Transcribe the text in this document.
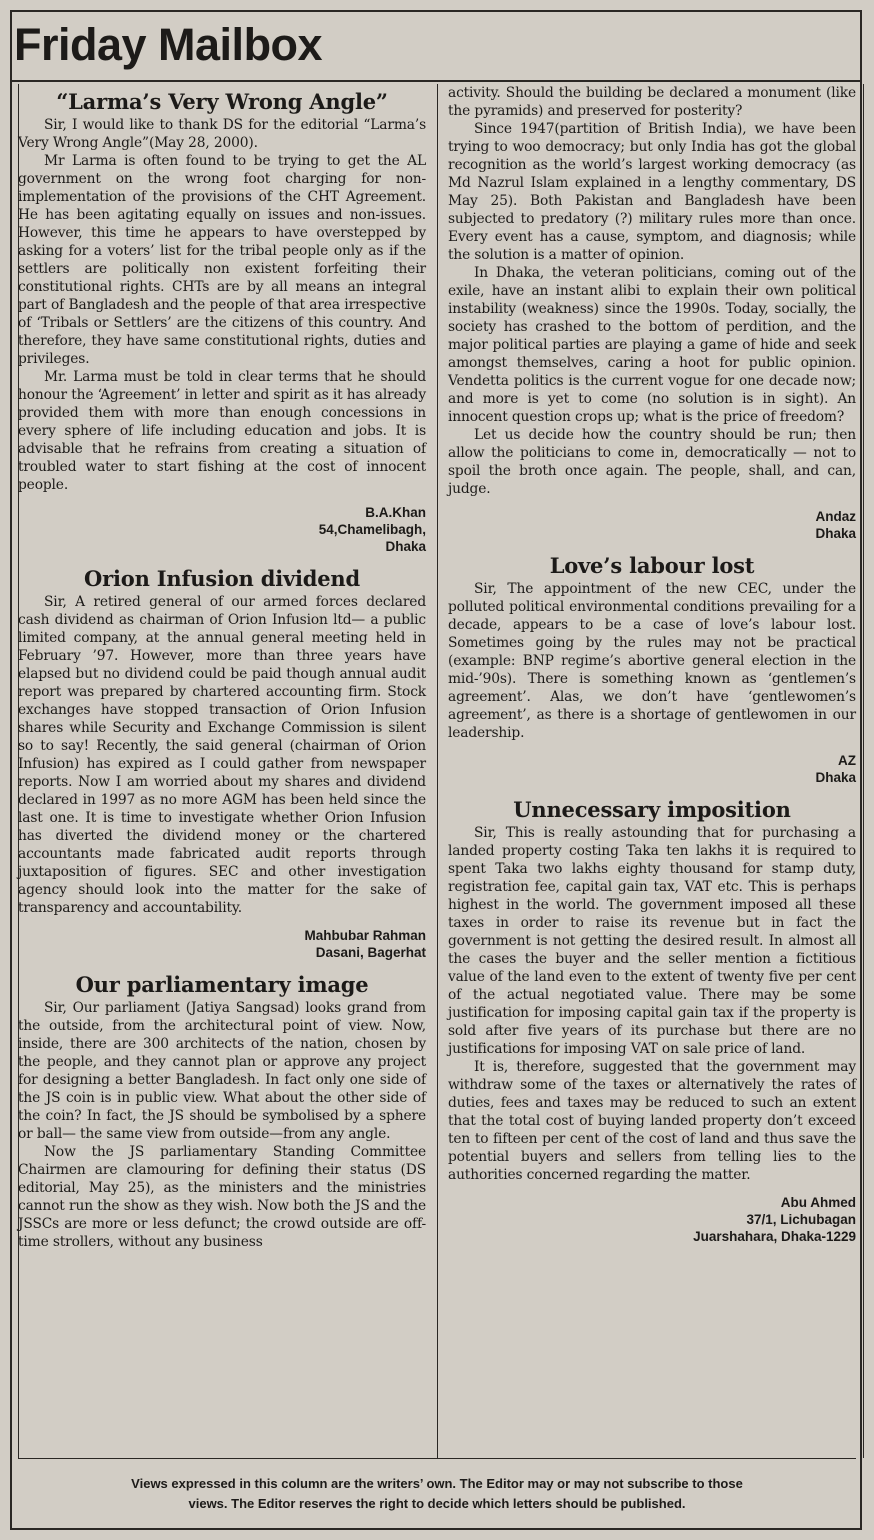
Friday Mailbox
“Larma’s Very Wrong Angle”

Sir, I would like to thank DS for the editorial “Larma’s Very Wrong Angle”(May 28, 2000).

Mr Larma is often found to be trying to get the AL government on the wrong foot charging for non-implementation of the provisions of the CHT Agreement. He has been agitating equally on issues and non-issues. However, this time he appears to have overstepped by asking for a voters’ list for the tribal people only as if the settlers are politically non existent forfeiting their constitutional rights. CHTs are by all means an integral part of Bangladesh and the people of that area irrespective of ‘Tribals or Settlers’ are the citizens of this country. And therefore, they have same constitutional rights, duties and privileges.

Mr. Larma must be told in clear terms that he should honour the ‘Agreement’ in letter and spirit as it has already provided them with more than enough concessions in every sphere of life including education and jobs. It is advisable that he refrains from creating a situation of troubled water to start fishing at the cost of innocent people.

B.A.Khan
54,Chamelibagh,
Dhaka
Orion Infusion dividend

Sir, A retired general of our armed forces declared cash dividend as chairman of Orion Infusion ltd— a public limited company, at the annual general meeting held in February ’97. However, more than three years have elapsed but no dividend could be paid though annual audit report was prepared by chartered accounting firm. Stock exchanges have stopped transaction of Orion Infusion shares while Security and Exchange Commission is silent so to say! Recently, the said general (chairman of Orion Infusion) has expired as I could gather from newspaper reports. Now I am worried about my shares and dividend declared in 1997 as no more AGM has been held since the last one. It is time to investigate whether Orion Infusion has diverted the dividend money or the chartered accountants made fabricated audit reports through juxtaposition of figures. SEC and other investigation agency should look into the matter for the sake of transparency and accountability.

Mahbubar Rahman
Dasani, Bagerhat
Our parliamentary image

Sir, Our parliament (Jatiya Sangsad) looks grand from the outside, from the architectural point of view. Now, inside, there are 300 architects of the nation, chosen by the people, and they cannot plan or approve any project for designing a better Bangladesh. In fact only one side of the JS coin is in public view. What about the other side of the coin? In fact, the JS should be symbolised by a sphere or ball— the same view from outside—from any angle.

Now the JS parliamentary Standing Committee Chairmen are clamouring for defining their status (DS editorial, May 25), as the ministers and the ministries cannot run the show as they wish. Now both the JS and the JSSCs are more or less defunct; the crowd outside are off-time strollers, without any business

activity. Should the building be declared a monument (like the pyramids) and preserved for posterity?

Since 1947(partition of British India), we have been trying to woo democracy; but only India has got the global recognition as the world’s largest working democracy (as Md Nazrul Islam explained in a lengthy commentary, DS May 25). Both Pakistan and Bangladesh have been subjected to predatory (?) military rules more than once. Every event has a cause, symptom, and diagnosis; while the solution is a matter of opinion.

In Dhaka, the veteran politicians, coming out of the exile, have an instant alibi to explain their own political instability (weakness) since the 1990s. Today, socially, the society has crashed to the bottom of perdition, and the major political parties are playing a game of hide and seek amongst themselves, caring a hoot for public opinion. Vendetta politics is the current vogue for one decade now; and more is yet to come (no solution is in sight). An innocent question crops up; what is the price of freedom?

Let us decide how the country should be run; then allow the politicians to come in, democratically — not to spoil the broth once again. The people, shall, and can, judge.

Andaz
Dhaka
Love’s labour lost

Sir, The appointment of the new CEC, under the polluted political environmental conditions prevailing for a decade, appears to be a case of love’s labour lost. Sometimes going by the rules may not be practical (example: BNP regime’s abortive general election in the mid-’90s). There is something known as ‘gentlemen’s agreement’. Alas, we don’t have ‘gentlewomen’s agreement’, as there is a shortage of gentlewomen in our leadership.

AZ
Dhaka
Unnecessary imposition

Sir, This is really astounding that for purchasing a landed property costing Taka ten lakhs it is required to spent Taka two lakhs eighty thousand for stamp duty, registration fee, capital gain tax, VAT etc. This is perhaps highest in the world. The government imposed all these taxes in order to raise its revenue but in fact the government is not getting the desired result. In almost all the cases the buyer and the seller mention a fictitious value of the land even to the extent of twenty five per cent of the actual negotiated value. There may be some justification for imposing capital gain tax if the property is sold after five years of its purchase but there are no justifications for imposing VAT on sale price of land.

It is, therefore, suggested that the government may withdraw some of the taxes or alternatively the rates of duties, fees and taxes may be reduced to such an extent that the total cost of buying landed property don’t exceed ten to fifteen per cent of the cost of land and thus save the potential buyers and sellers from telling lies to the authorities concerned regarding the matter.

Abu Ahmed
37/1, Lichubagan
Juarshahara, Dhaka-1229
Views expressed in this column are the writers’ own. The Editor may or may not subscribe to those
views. The Editor reserves the right to decide which letters should be published.
